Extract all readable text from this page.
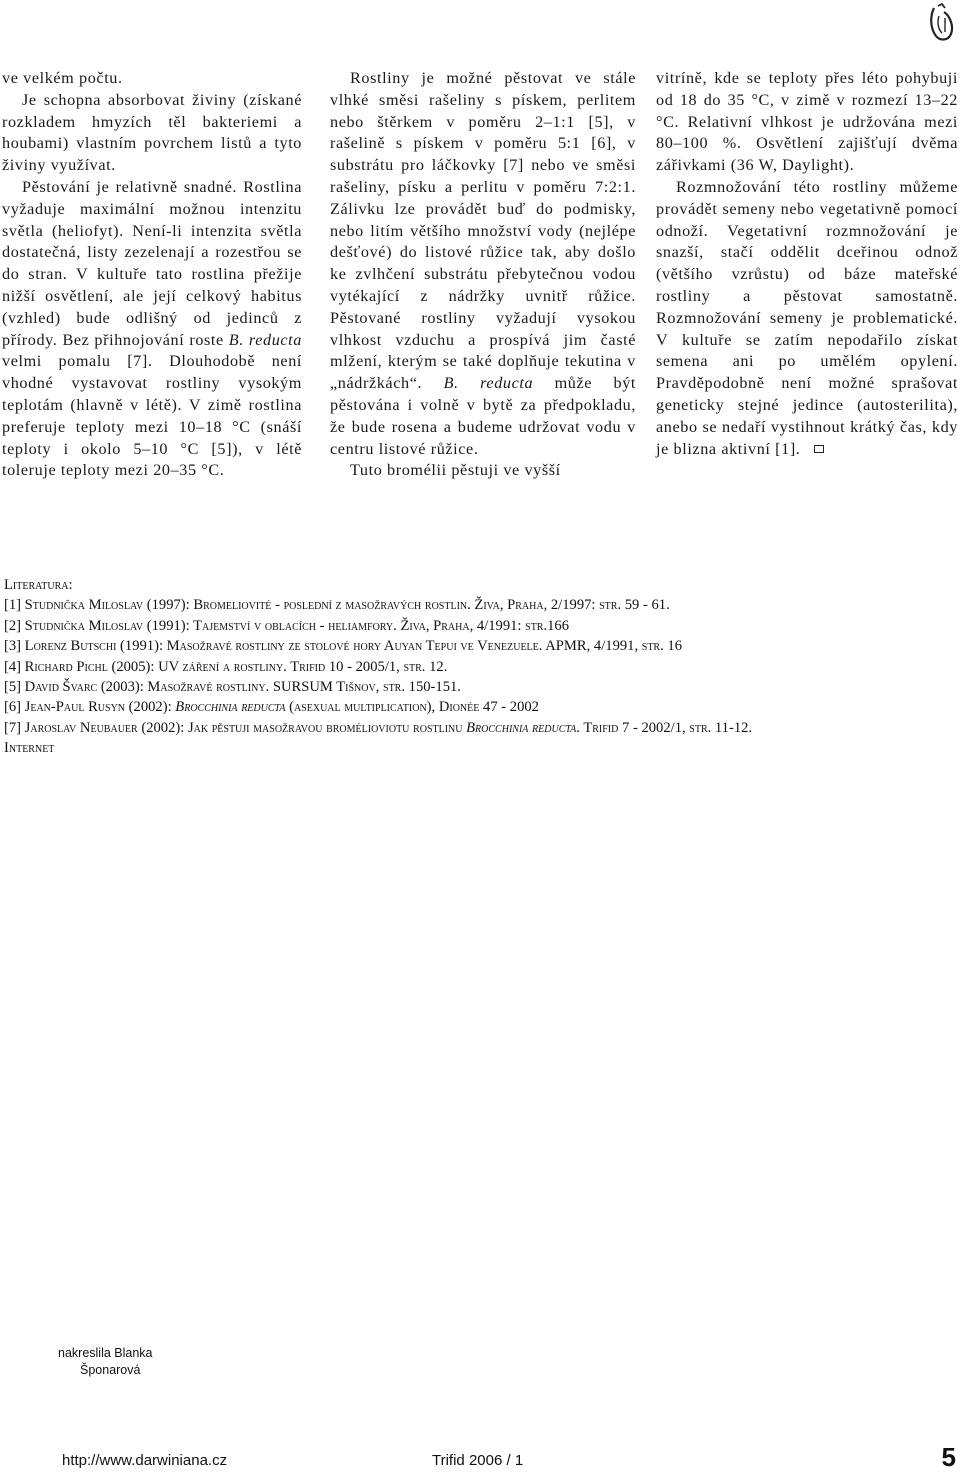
ve velkém počtu.

Je schopna absorbovat živiny (získané rozkladem hmyzích těl bakteriemi a houbami) vlastním povrchem listů a tyto živiny využívat.

Pěstování je relativně snadné. Rostlina vyžaduje maximální možnou intenzitu světla (heliofyt). Není-li intenzita světla dostatečná, listy zezelenají a rozestřou se do stran. V kultuře tato rostlina přežije nižší osvětlení, ale její celkový habitus (vzhled) bude odlišný od jedinců z přírody. Bez přihnojování roste B. reducta velmi pomalu [7]. Dlouhodobě není vhodné vystavovat rostliny vysokým teplotám (hlavně v létě). V zimě rostlina preferuje teploty mezi 10–18 °C (snáší teploty i okolo 5–10 °C [5]), v létě toleruje teploty mezi 20–35 °C.

Rostliny je možné pěstovat ve stále vlhké směsi rašeliny s pískem, perlitem nebo štěrkem v poměru 2–1:1 [5], v rašelině s pískem v poměru 5:1 [6], v substrátu pro láčkovky [7] nebo ve směsi rašeliny, písku a perlitu v poměru 7:2:1. Zálivku lze provádět buď do podmisky, nebo litím většího množství vody (nejlépe dešťové) do listové růžice tak, aby došlo ke zvlhčení substrátu přebytečnou vodou vytékající z nádržky uvnitř růžice. Pěstované rostliny vyžadují vysokou vlhkost vzduchu a prospívá jim časté mlžení, kterým se také doplňuje tekutina v „nádržkách“. B. reducta může být pěstována i volně v bytě za předpokladu, že bude rosena a budeme udržovat vodu v centru listové růžice.

Tuto bromélii pěstuji ve vyšší

vitríně, kde se teploty přes léto pohybuji od 18 do 35 °C, v zimě v rozmezí 13–22 °C. Relativní vlhkost je udržována mezi 80–100 %. Osvětlení zajišťují dvěma zářivkami (36 W, Daylight).

Rozmnožování této rostliny můžeme provádět semeny nebo vegetativně pomocí odnoží. Vegetativní rozmnožování je snazší, stačí oddělit dceřinou odnož (většího vzrůstu) od báze mateřské rostliny a pěstovat samostatně. Rozmnožování semeny je problematické. V kultuře se zatím nepodařilo získat semena ani po umělém opylení. Pravděpodobně není možné sprašovat geneticky stejné jedince (autosterilita), anebo se nedaří vystihnout krátký čas, kdy je blizna aktivní [1].

Literatura:
[1] Studnička Miloslav (1997): Bromeliovité - poslední z masožravých rostlin. Živa, Praha, 2/1997: str. 59 - 61.
[2] Studnička Miloslav (1991): Tajemství v oblacích - heliamfory. Živa, Praha, 4/1991: str.166
[3] Lorenz Butschi (1991): Masožravé rostliny ze stolové hory Auyan Tepui ve Venezuele. APMR, 4/1991, str. 16
[4] Richard Pichl (2005): UV záření a rostliny. Trifid 10 - 2005/1, str. 12.
[5] David Švarc (2003): Masožravé rostliny. SURSUM Tišnov, str. 150-151.
[6] Jean-Paul Rusyn (2002): Brocchinia reducta (asexual multiplication), Dionée 47 - 2002
[7] Jaroslav Neubauer (2002): Jak pěstuji masožravou bromélioviotu rostlinu Brocchinia reducta. Trifid 7 - 2002/1, str. 11-12.
Internet
nakreslila Blanka
Šponarová
http://www.darwiniana.cz	Trifid 2006 / 1	5
